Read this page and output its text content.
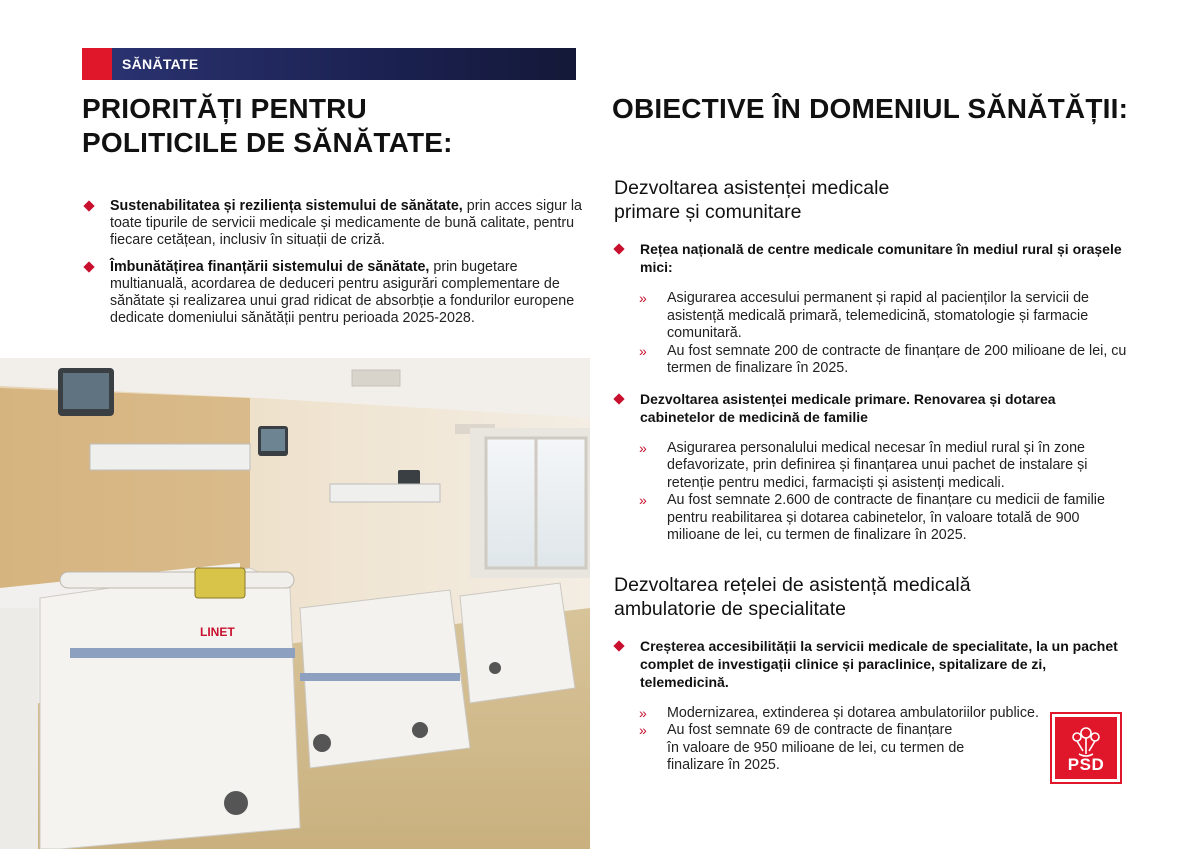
SĂNĂTATE
PRIORITĂȚI PENTRU
POLITICILE DE SĂNĂTATE:
OBIECTIVE ÎN DOMENIUL SĂNĂTĂȚII:
Sustenabilitatea și reziliența sistemului de sănătate, prin acces sigur la toate tipurile de servicii medicale și medicamente de bună calitate, pentru fiecare cetățean, inclusiv în situații de criză.
Îmbunătățirea finanțării sistemului de sănătate, prin bugetare multianuală, acordarea de deduceri pentru asigurări complementare de sănătate și realizarea unui grad ridicat de absorbție a fondurilor europene dedicate domeniului sănătății pentru perioada 2025-2028.
LINET
Dezvoltarea asistenței medicale
primare și comunitare
Rețea națională de centre medicale comunitare în mediul rural și orașele mici:
» Asigurarea accesului permanent și rapid al pacienților la servicii de asistență medicală primară, telemedicină, stomatologie și farmacie comunitară.
» Au fost semnate 200 de contracte de finanțare de 200 milioane de lei, cu termen de finalizare în 2025.
Dezvoltarea asistenței medicale primare. Renovarea și dotarea cabinetelor de medicină de familie
» Asigurarea personalului medical necesar în mediul rural și în zone defavorizate, prin definirea și finanțarea unui pachet de instalare și retenție pentru medici, farmaciști și asistenți medicali.
» Au fost semnate 2.600 de contracte de finanțare cu medicii de familie pentru reabilitarea și dotarea cabinetelor, în valoare totală de 900 milioane de lei, cu termen de finalizare în 2025.
Dezvoltarea rețelei de asistență medicală
ambulatorie de specialitate
Creșterea accesibilității la servicii medicale de specialitate, la un pachet complet de investigații clinice și paraclinice, spitalizare de zi, telemedicină.
» Modernizarea, extinderea și dotarea ambulatoriilor publice.
» Au fost semnate 69 de contracte de finanțare
în valoare de 950 milioane de lei, cu termen de
finalizare în 2025.	PSD
